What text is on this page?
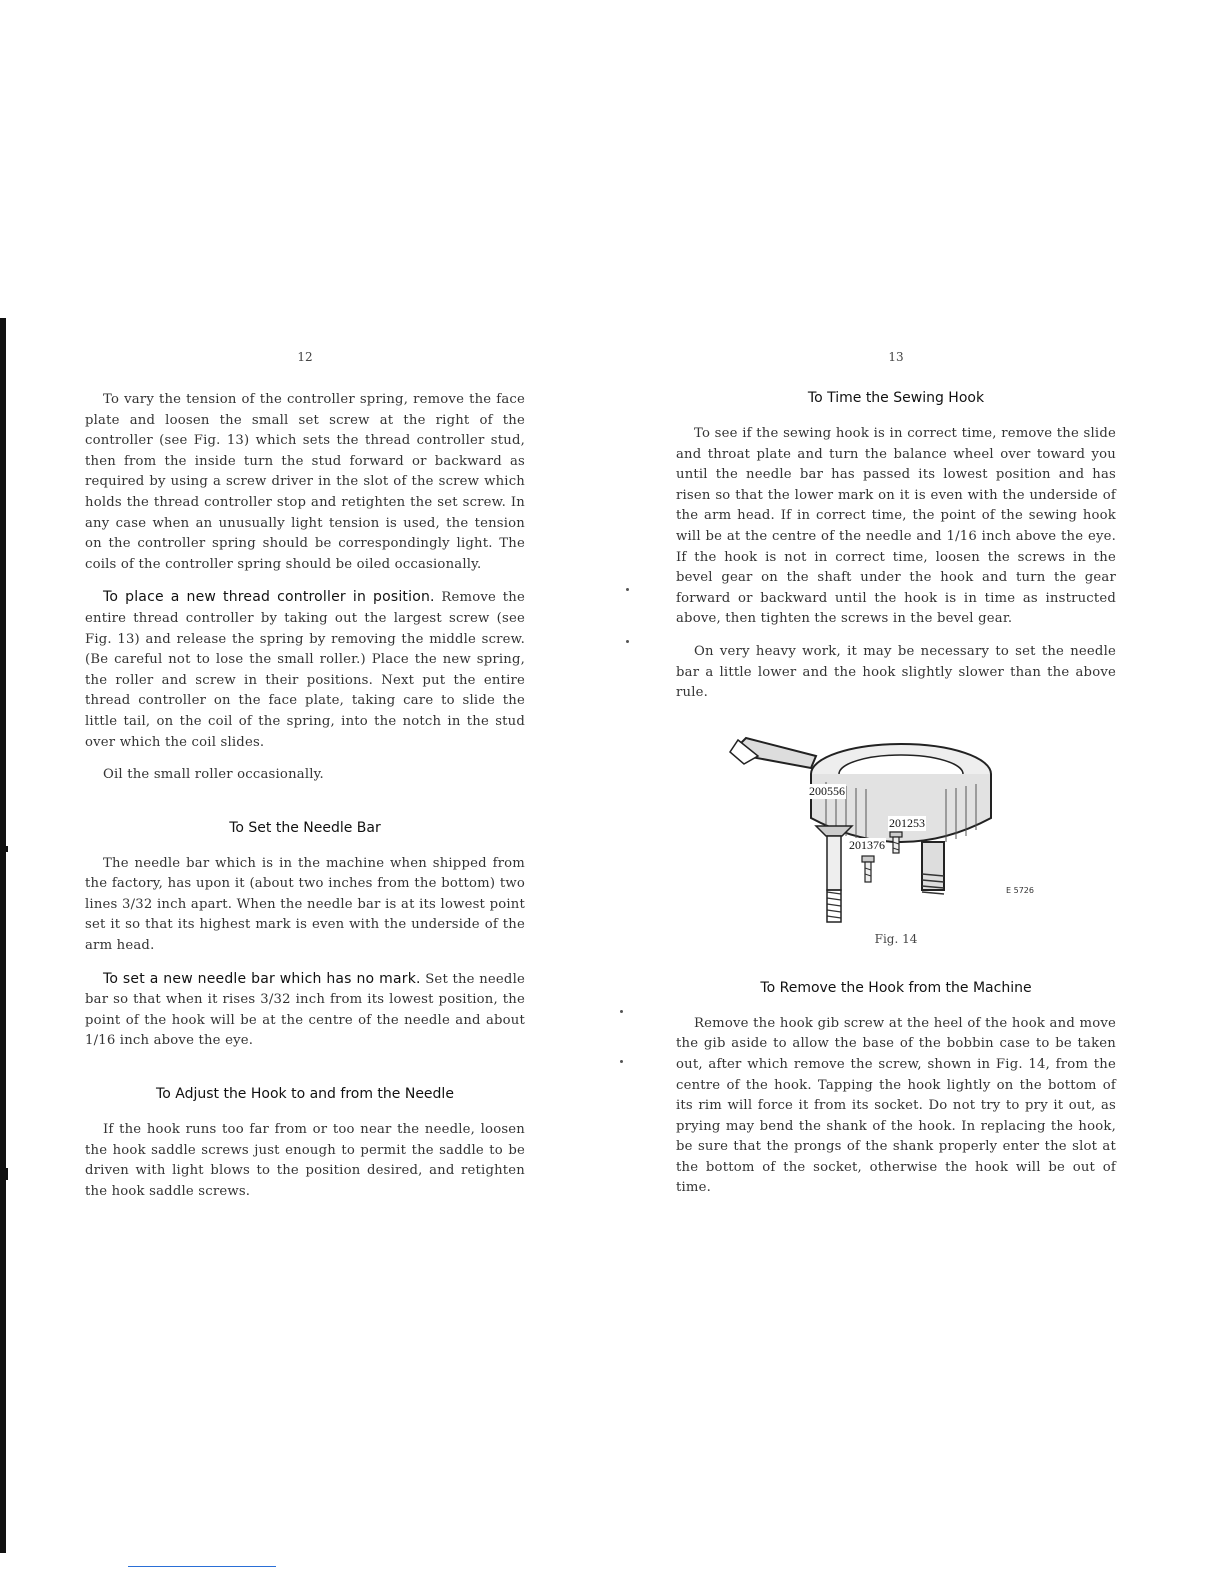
12

To vary the tension of the controller spring, remove the face plate and loosen the small set screw at the right of the controller (see Fig. 13) which sets the thread controller stud, then from the inside turn the stud forward or backward as required by using a screw driver in the slot of the screw which holds the thread controller stop and retighten the set screw. In any case when an unusually light tension is used, the tension on the controller spring should be correspondingly light. The coils of the controller spring should be oiled occasionally.

To place a new thread controller in position. Remove the entire thread controller by taking out the largest screw (see Fig. 13) and release the spring by removing the middle screw. (Be careful not to lose the small roller.) Place the new spring, the roller and screw in their positions. Next put the entire thread controller on the face plate, taking care to slide the little tail, on the coil of the spring, into the notch in the stud over which the coil slides.

Oil the small roller occasionally.

To Set the Needle Bar

The needle bar which is in the machine when shipped from the factory, has upon it (about two inches from the bottom) two lines 3/32 inch apart. When the needle bar is at its lowest point set it so that its highest mark is even with the underside of the arm head.

To set a new needle bar which has no mark. Set the needle bar so that when it rises 3/32 inch from its lowest position, the point of the hook will be at the centre of the needle and about 1/16 inch above the eye.

To Adjust the Hook to and from the Needle

If the hook runs too far from or too near the needle, loosen the hook saddle screws just enough to permit the saddle to be driven with light blows to the position desired, and retighten the hook saddle screws.

13
To Time the Sewing Hook

To see if the sewing hook is in correct time, remove the slide and throat plate and turn the balance wheel over toward you until the needle bar has passed its lowest position and has risen so that the lower mark on it is even with the underside of the arm head. If in correct time, the point of the sewing hook will be at the centre of the needle and 1/16 inch above the eye. If the hook is not in correct time, loosen the screws in the bevel gear on the shaft under the hook and turn the gear forward or backward until the hook is in time as instructed above, then tighten the screws in the bevel gear.

On very heavy work, it may be necessary to set the needle bar a little lower and the hook slightly slower than the above rule.

200556
201253
201376
E 5726
Fig. 14
To Remove the Hook from the Machine

Remove the hook gib screw at the heel of the hook and move the gib aside to allow the base of the bobbin case to be taken out, after which remove the screw, shown in Fig. 14, from the centre of the hook. Tapping the hook lightly on the bottom of its rim will force it from its socket. Do not try to pry it out, as prying may bend the shank of the hook. In replacing the hook, be sure that the prongs of the shank properly enter the slot at the bottom of the socket, otherwise the hook will be out of time.
